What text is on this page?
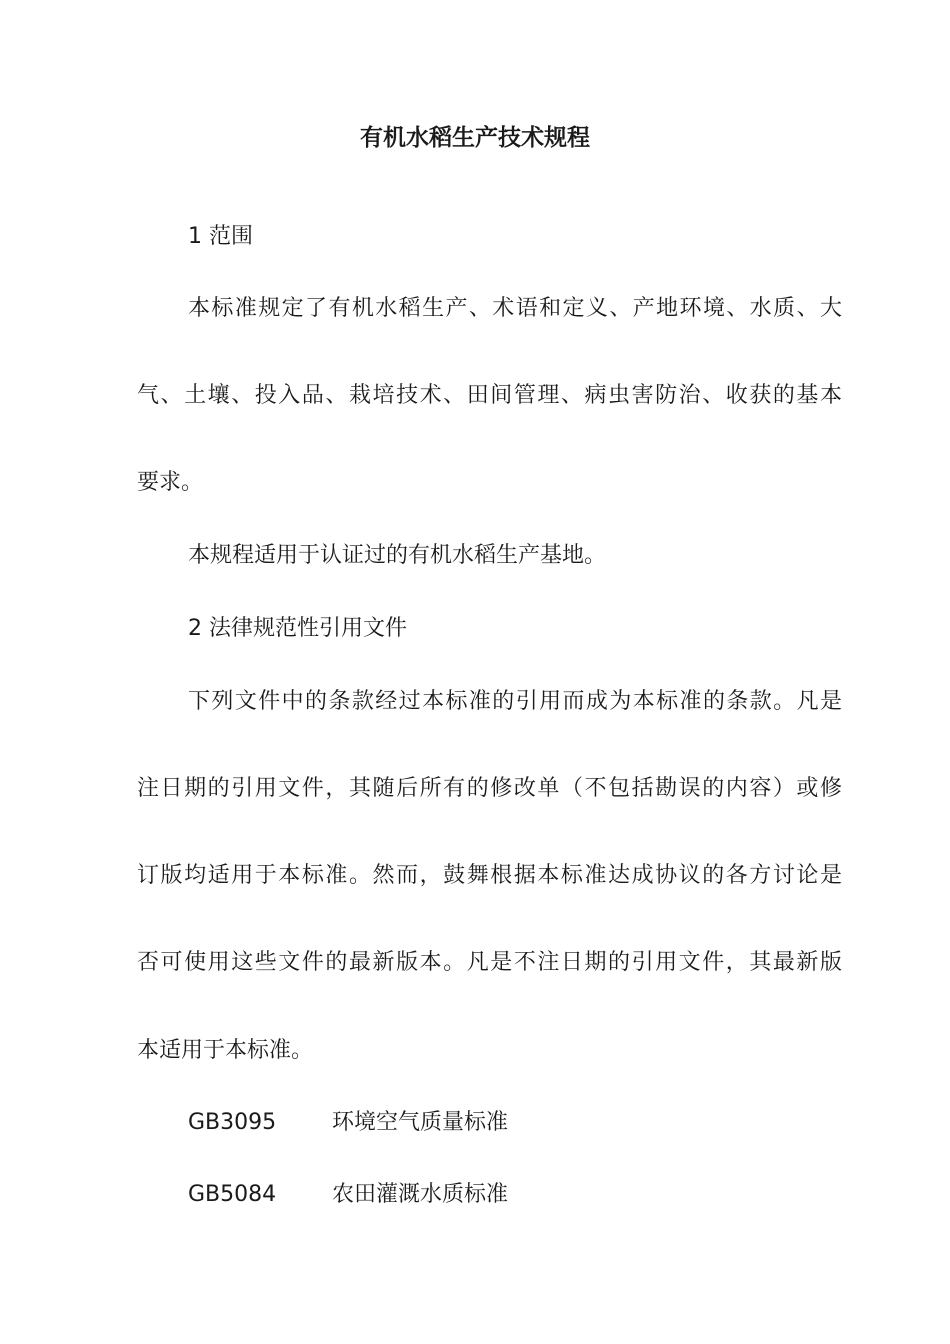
有机水稻生产技术规程
1 范围
本标准规定了有机水稻生产、术语和定义、产地环境、水质、大
气、土壤、投入品、栽培技术、田间管理、病虫害防治、收获的基本
要求。
本规程适用于认证过的有机水稻生产基地。
2 法律规范性引用文件
下列文件中的条款经过本标准的引用而成为本标准的条款。凡是
注日期的引用文件，其随后所有的修改单（不包括勘误的内容）或修
订版均适用于本标准。然而，鼓舞根据本标准达成协议的各方讨论是
否可使用这些文件的最新版本。凡是不注日期的引用文件，其最新版
本适用于本标准。
GB3095	环境空气质量标准
GB5084	农田灌溉水质标准
